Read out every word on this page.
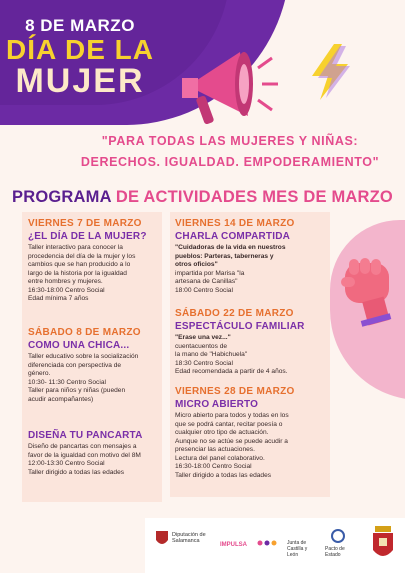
8 DE MARZO
DÍA DE LA
MUJER
"PARA TODAS LAS MUJERES Y NIÑAS:
DERECHOS. IGUALDAD. EMPODERAMIENTO"
PROGRAMA DE ACTIVIDADES MES DE MARZO

VIERNES 7 DE MARZO

¿EL DÍA DE LA MUJER?

Taller interactivo para conocer la

procedencia del día de la mujer y los

cambios que se han producido a lo

largo de la historia por la igualdad

entre hombres y mujeres.

16:30-18:00 Centro Social

Edad mínima 7 años

SÁBADO 8 DE MARZO

COMO UNA CHICA...

Taller educativo sobre la socialización

diferenciada con perspectiva de

género.

10:30- 11:30 Centro Social

Taller para niños y niñas (pueden

acudir acompañantes)

DISEÑA TU PANCARTA

Diseño de pancartas con mensajes a

favor de la igualdad con motivo del 8M

12:00-13:30 Centro Social

Taller dirigido a todas las edades

VIERNES 14 DE MARZO

CHARLA COMPARTIDA

"Cuidadoras de la vida en nuestros

pueblos: Parteras, taberneras y

otros oficios"

impartida por Marisa "la

artesana de Canillas"

18:00 Centro Social

SÁBADO 22 DE MARZO

ESPECTÁCULO FAMILIAR

"Erase una vez..."

cuentacuentos de

la mano de "Habichuela"

18:30 Centro Social

Edad recomendada a partir de 4 años.

VIERNES 28 DE MARZO

MICRO ABIERTO

Micro abierto para todos y todas en los

que se podrá cantar, recitar poesía o

cualquier otro tipo de actuación.

Aunque no se actúe se puede acudir a

presenciar las actuaciones.

Lectura del panel colaborativo.

16:30-18:00 Centro Social

Taller dirigido a todas las edades

Diputación de Salamanca
IMPULSA	Junta de Castilla y León
Pacto de Estado
